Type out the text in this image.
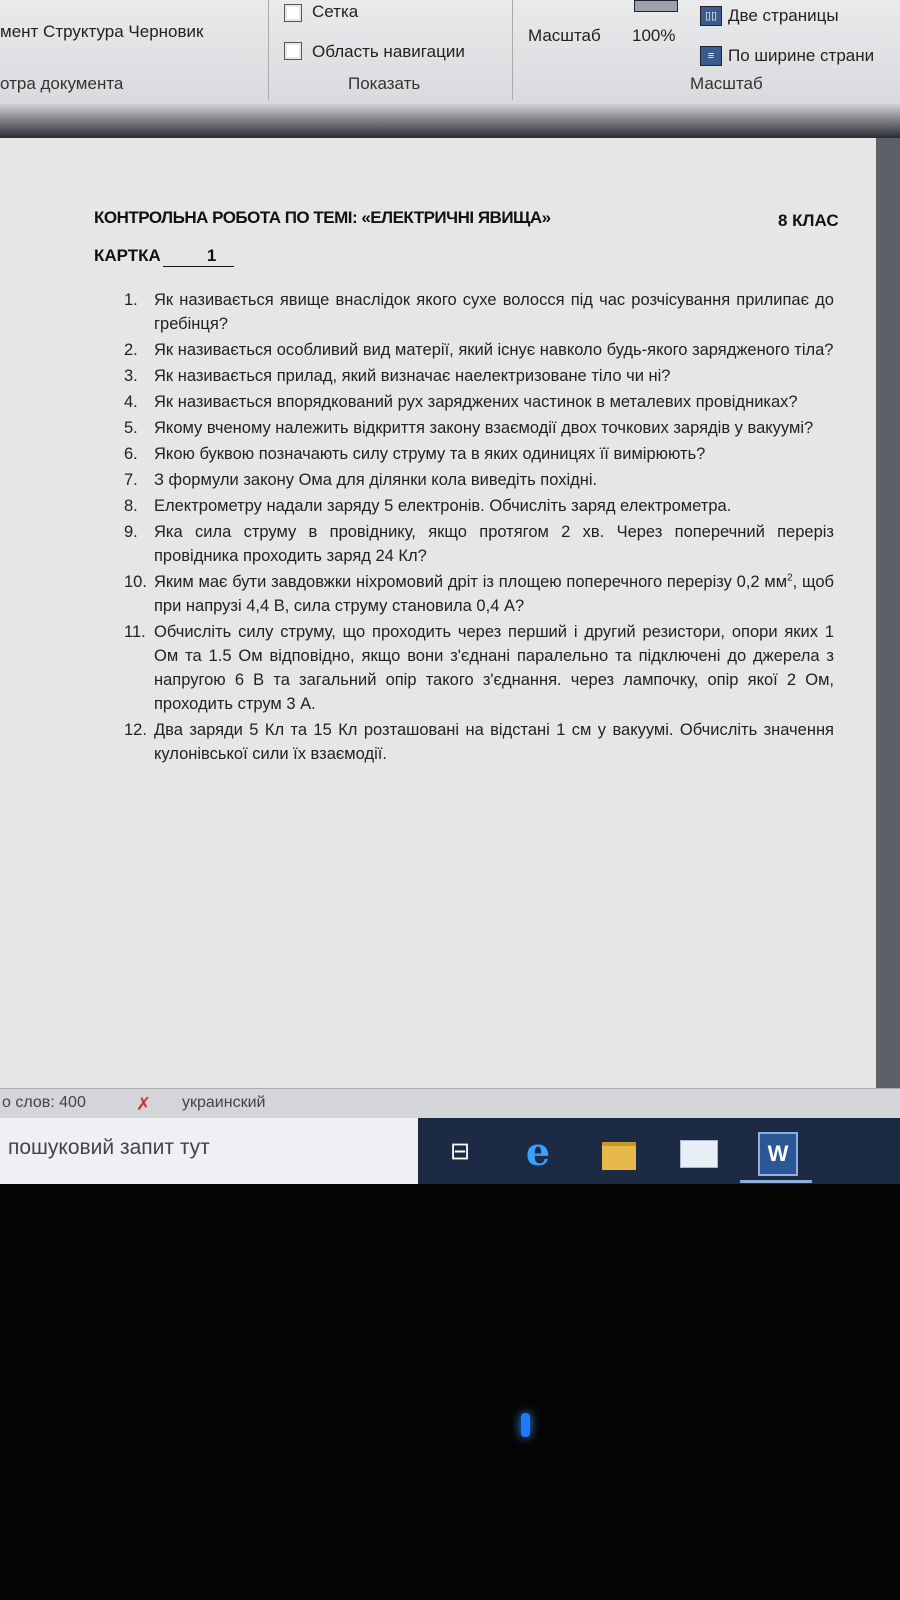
мент Структура Черновик
Сетка
Область навигации
Масштаб 100%
▯▯ Две страницы
≡ По ширине страни
отра документа	Показать	Масштаб
КОНТРОЛЬНА РОБОТА ПО ТЕМІ: «ЕЛЕКТРИЧНІ ЯВИЩА»	8 КЛАС
КАРТКА	1
1. Як називається явище внаслідок якого сухе волосся під час розчісування прилипає до гребінця?
2. Як називається особливий вид матерії, який існує навколо будь-якого зарядженого тіла?
3. Як називається прилад, який визначає наелектризоване тіло чи ні?
4. Як називається впорядкований рух заряджених частинок в металевих провідниках?
5. Якому вченому належить відкриття закону взаємодії двох точкових зарядів у вакуумі?
6. Якою буквою позначають силу струму та в яких одиницях її вимірюють?
7. З формули закону Ома для ділянки кола виведіть похідні.
8. Електрометру надали заряду 5 електронів. Обчисліть заряд електрометра.
9. Яка сила струму в провіднику, якщо протягом 2 хв. Через поперечний переріз провідника проходить заряд 24 Кл?
10. Яким має бути завдовжки ніхромовий дріт із площею поперечного перерізу 0,2 $мм^2$, щоб при напрузі 4,4 В, сила струму становила 0,4 А?
11. Обчисліть силу струму, що проходить через перший і другий резистори, опори яких 1 Ом та 1.5 Ом відповідно, якщо вони з'єднані паралельно та підключені до джерела з напругою 6 В та загальний опір такого з'єднання. через лампочку, опір якої 2 Ом, проходить струм 3 А.
12. Два заряди 5 Кл та 15 Кл розташовані на відстані 1 см у вакуумі. Обчисліть значення кулонівської сили їх взаємодії.
о слов: 400	✗ украинский
пошуковий запит тут	⊟ e	W
